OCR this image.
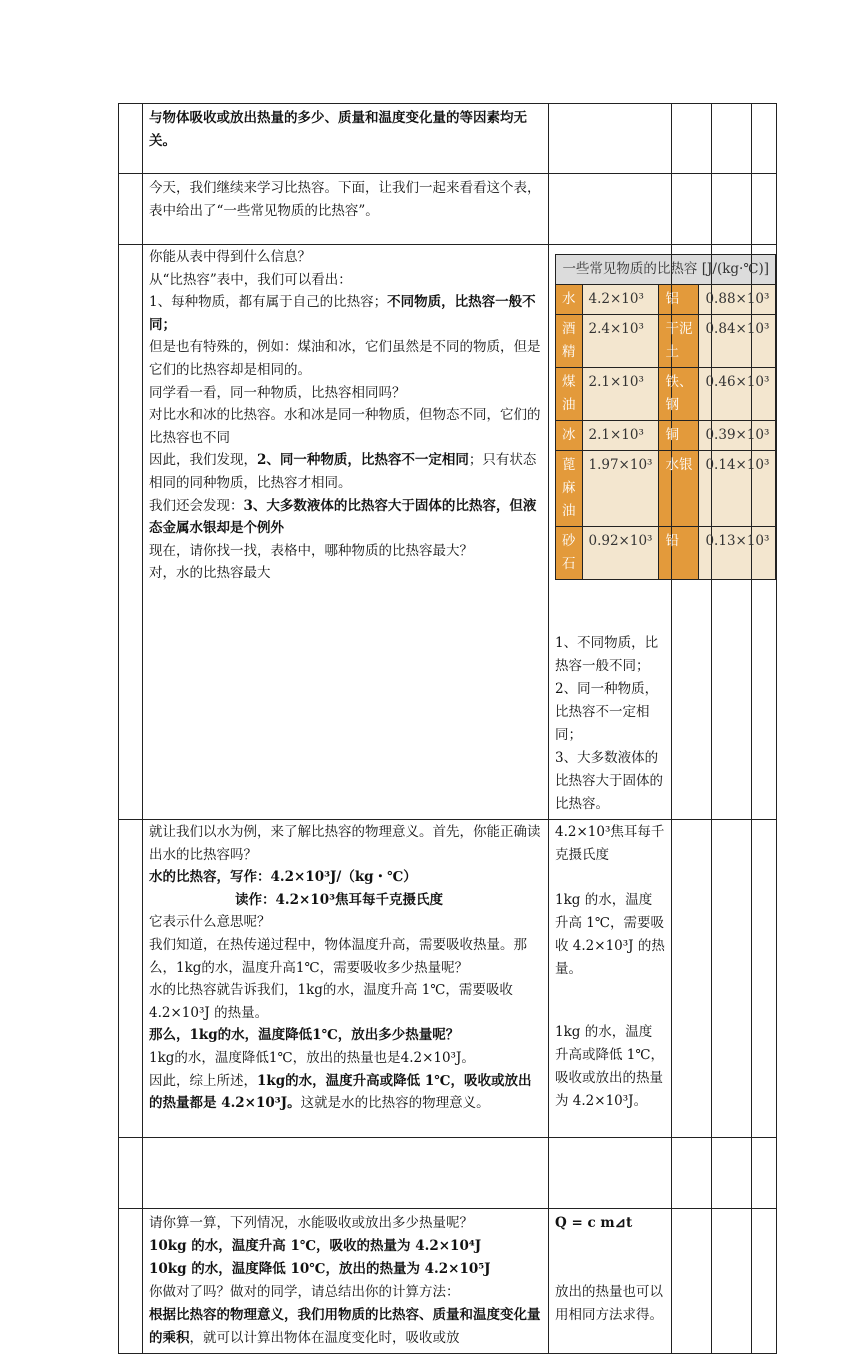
与物体吸收或放出热量的多少、质量和温度变化量的等因素均无关。

今天，我们继续来学习比热容。下面，让我们一起来看看这个表，表中给出了“一些常见物质的比热容”。

你能从表中得到什么信息？
从“比热容”表中，我们可以看出：
1、每种物质，都有属于自己的比热容；不同物质，比热容一般不同；
但是也有特殊的，例如：煤油和冰，它们虽然是不同的物质，但是它们的比热容却是相同的。
同学看一看，同一种物质，比热容相同吗？
对比水和冰的比热容。水和冰是同一种物质，但物态不同，它们的比热容也不同
因此，我们发现，2、同一种物质，比热容不一定相同；只有状态相同的同种物质，比热容才相同。
我们还会发现：3、大多数液体的比热容大于固体的比热容，但液态金属水银却是个例外
现在，请你找一找，表格中，哪种物质的比热容最大？
对，水的比热容最大

一些常见物质的比热容 [J/(kg·℃)]
水	4.2×10³	铝	0.88×10³
酒精	2.4×10³	干泥土	0.84×10³
煤油	2.1×10³	铁、钢	0.46×10³
冰	2.1×10³	铜	0.39×10³
蓖麻油	1.97×10³	水银	0.14×10³
砂石	0.92×10³	铅	0.13×10³
1、不同物质，比热容一般不同；
2、同一种物质，比热容不一定相同；
3、大多数液体的比热容大于固体的比热容。

就让我们以水为例，来了解比热容的物理意义。首先，你能正确读出水的比热容吗？
水的比热容，写作：4.2×10³J/（kg・℃）
读作：4.2×10³焦耳每千克摄氏度
它表示什么意思呢？
我们知道，在热传递过程中，物体温度升高，需要吸收热量。那么，1kg的水，温度升高1℃，需要吸收多少热量呢？
水的比热容就告诉我们，1kg的水，温度升高 1℃，需要吸收 4.2×10³J 的热量。
那么，1kg的水，温度降低1℃，放出多少热量呢？
1kg的水，温度降低1℃，放出的热量也是4.2×10³J。
因此，综上所述，1kg的水，温度升高或降低 1℃，吸收或放出的热量都是 4.2×10³J。这就是水的比热容的物理意义。

4.2×10³焦耳每千克摄氏度
1kg 的水，温度升高 1℃，需要吸收 4.2×10³J 的热量。
1kg 的水，温度升高或降低 1℃，吸收或放出的热量为 4.2×10³J。

请你算一算，下列情况，水能吸收或放出多少热量呢？
10kg 的水，温度升高 1℃，吸收的热量为 4.2×10⁴J
10kg 的水，温度降低 10℃，放出的热量为 4.2×10⁵J
你做对了吗？做对的同学，请总结出你的计算方法：
根据比热容的物理意义，我们用物质的比热容、质量和温度变化量的乘积，就可以计算出物体在温度变化时，吸收或放

Q = c m⊿t
放出的热量也可以用相同方法求得。
